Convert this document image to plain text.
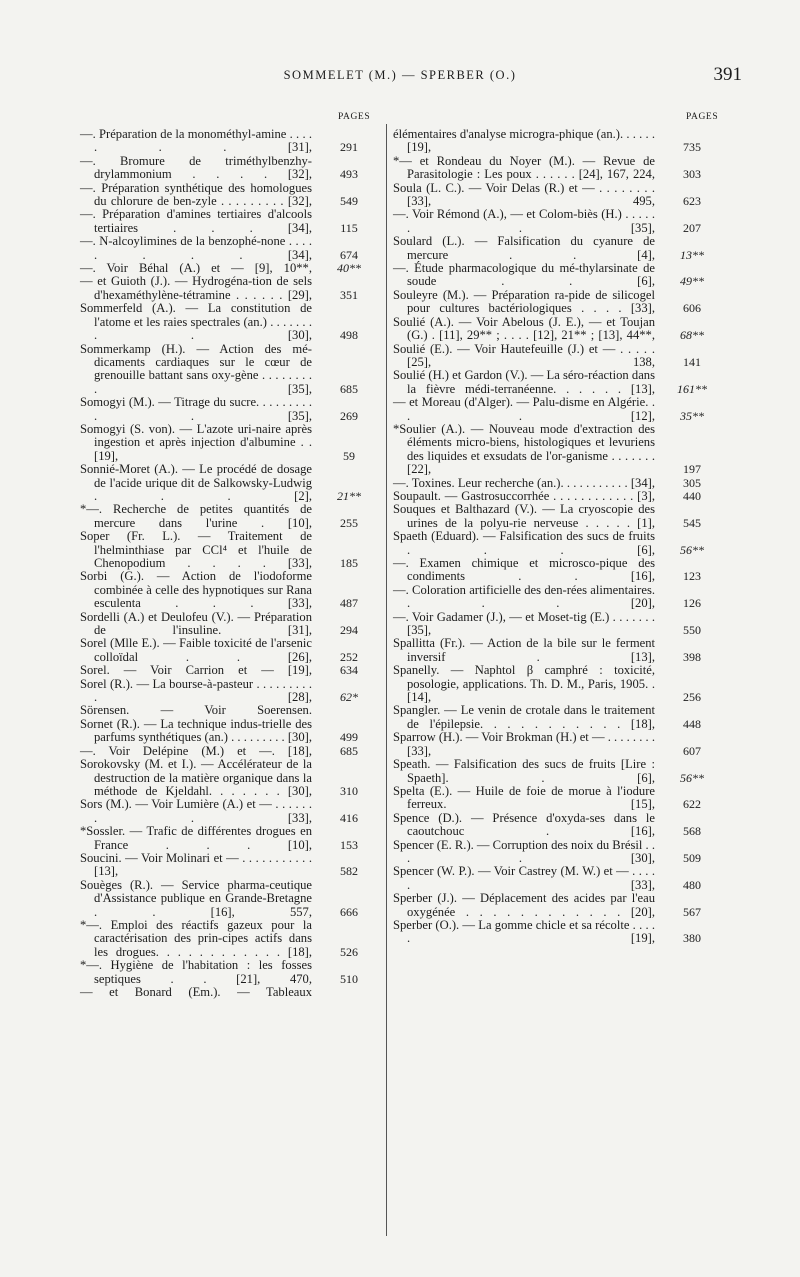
SOMMELET (M.) — SPERBER (O.)	391
PAGES
—. Préparation de la monométhyl-amine . . . . . . . [31],	291
—. Bromure de triméthylbenzhy-drylammonium . . . . [32],	493
—. Préparation synthétique des homologues du chlorure de ben-zyle . . . . . . . . . [32],	549
—. Préparation d'amines tertiaires d'alcools tertiaires . . . [34],	115
—. N-alcoylimines de la benzophé-none . . . . . . . . [34],	674
—. Voir Béhal (A.) et — [9], 10**,	40**
— et Guioth (J.). — Hydrogéna-tion de sels d'hexaméthylène-tétramine . . . . . . [29],	351
Sommerfeld (A.). — La constitution de l'atome et les raies spectrales (an.) . . . . . . . . . [30],	498
Sommerkamp (H.). — Action des mé-dicaments cardiaques sur le cœur de grenouille battant sans oxy-gène . . . . . . . . . [35],	685
Somogyi (M.). — Titrage du sucre. . . . . . . . . . . [35],	269
Somogyi (S. von). — L'azote uri-naire après ingestion et après injection d'albumine . . [19],	59
Sonnié-Moret (A.). — Le procédé de dosage de l'acide urique dit de Salkowsky-Ludwig . . . [2],	21**
*—. Recherche de petites quantités de mercure dans l'urine . [10],	255
Soper (Fr. L.). — Traitement de l'helminthiase par CCl⁴ et l'huile de Chenopodium . . . . [33],	185
Sorbi (G.). — Action de l'iodoforme combinée à celle des hypnotiques sur Rana esculenta . . . [33],	487
Sordelli (A.) et Deulofeu (V.). — Préparation de l'insuline. [31],	294
Sorel (Mlle E.). — Faible toxicité de l'arsenic colloïdal . . [26],	252
Sorel. — Voir Carrion et — [19],	634
Sorel (R.). — La bourse-à-pasteur . . . . . . . . . . [28],	62*
Sörensen. — Voir Soerensen.
Sornet (R.). — La technique indus-trielle des parfums synthétiques (an.) . . . . . . . . . [30],	499
—. Voir Delépine (M.) et —. [18],	685
Sorokovsky (M. et I.). — Accélérateur de la destruction de la matière organique dans la méthode de Kjeldahl. . . . . . . [30],	310
Sors (M.). — Voir Lumière (A.) et — . . . . . . . . [33],	416
*Sossler. — Trafic de différentes drogues en France . . . [10],	153
Soucini. — Voir Molinari et — . . . . . . . . . . . [13],	582
Souèges (R.). — Service pharma-ceutique d'Assistance publique en Grande-Bretagne . . [16], 557,	666
*—. Emploi des réactifs gazeux pour la caractérisation des prin-cipes actifs dans les drogues. . . . . . . . . . . . [18],	526
*—. Hygiène de l'habitation : les fosses septiques . . [21], 470,	510
— et Bonard (Em.). — Tableaux
PAGES
élémentaires d'analyse microgra-phique (an.). . . . . . [19],	735
*— et Rondeau du Noyer (M.). — Revue de Parasitologie : Les poux . . . . . . [24], 167, 224,	303
Soula (L. C.). — Voir Delas (R.) et — . . . . . . . . [33], 495,	623
—. Voir Rémond (A.), — et Colom-biès (H.) . . . . . . . [35],	207
Soulard (L.). — Falsification du cyanure de mercure . . [4],	13**
—. Étude pharmacologique du mé-thylarsinate de soude . . [6],	49**
Souleyre (M.). — Préparation ra-pide de silicogel pour cultures bactériologiques . . . . [33],	606
Soulié (A.). — Voir Abelous (J. E.), — et Toujan (G.) . [11], 29** ; . . . . [12], 21** ; [13], 44**,	68**
Soulié (E.). — Voir Hautefeuille (J.) et — . . . . . [25], 138,	141
Soulié (H.) et Gardon (V.). — La séro-réaction dans la fièvre médi-terranéenne. . . . . . [13],	161**
— et Moreau (d'Alger). — Palu-disme en Algérie. . . . [12],	35**
*Soulier (A.). — Nouveau mode d'extraction des éléments micro-biens, histologiques et levuriens des liquides et exsudats de l'or-ganisme . . . . . . . [22],	197
—. Toxines. Leur recherche (an.). . . . . . . . . . . [34],	305
Soupault. — Gastrosuccorrhée . . . . . . . . . . . . [3],	440
Souques et Balthazard (V.). — La cryoscopie des urines de la polyu-rie nerveuse . . . . . [1],	545
Spaeth (Eduard). — Falsification des sucs de fruits . . . [6],	56**
—. Examen chimique et microsco-pique des condiments . . [16],	123
—. Coloration artificielle des den-rées alimentaires. . . . [20],	126
—. Voir Gadamer (J.), — et Moset-tig (E.) . . . . . . . [35],	550
Spallitta (Fr.). — Action de la bile sur le ferment inversif . [13],	398
Spanelly. — Naphtol β camphré : toxicité, posologie, applications. Th. D. M., Paris, 1905. . [14],	256
Spangler. — Le venin de crotale dans le traitement de l'épilepsie. . . . . . . . . . . [18],	448
Sparrow (H.). — Voir Brokman (H.) et — . . . . . . . . [33],	607
Speath. — Falsification des sucs de fruits [Lire : Spaeth]. . [6],	56**
Spelta (E.). — Huile de foie de morue à l'iodure ferreux. [15],	622
Spence (D.). — Présence d'oxyda-ses dans le caoutchouc . [16],	568
Spencer (E. R.). — Corruption des noix du Brésil . . . . [30],	509
Spencer (W. P.). — Voir Castrey (M. W.) et — . . . . . [33],	480
Sperber (J.). — Déplacement des acides par l'eau oxygénée . . . . . . . . . . . . [20],	567
Sperber (O.). — La gomme chicle et sa récolte . . . . . [19],	380
